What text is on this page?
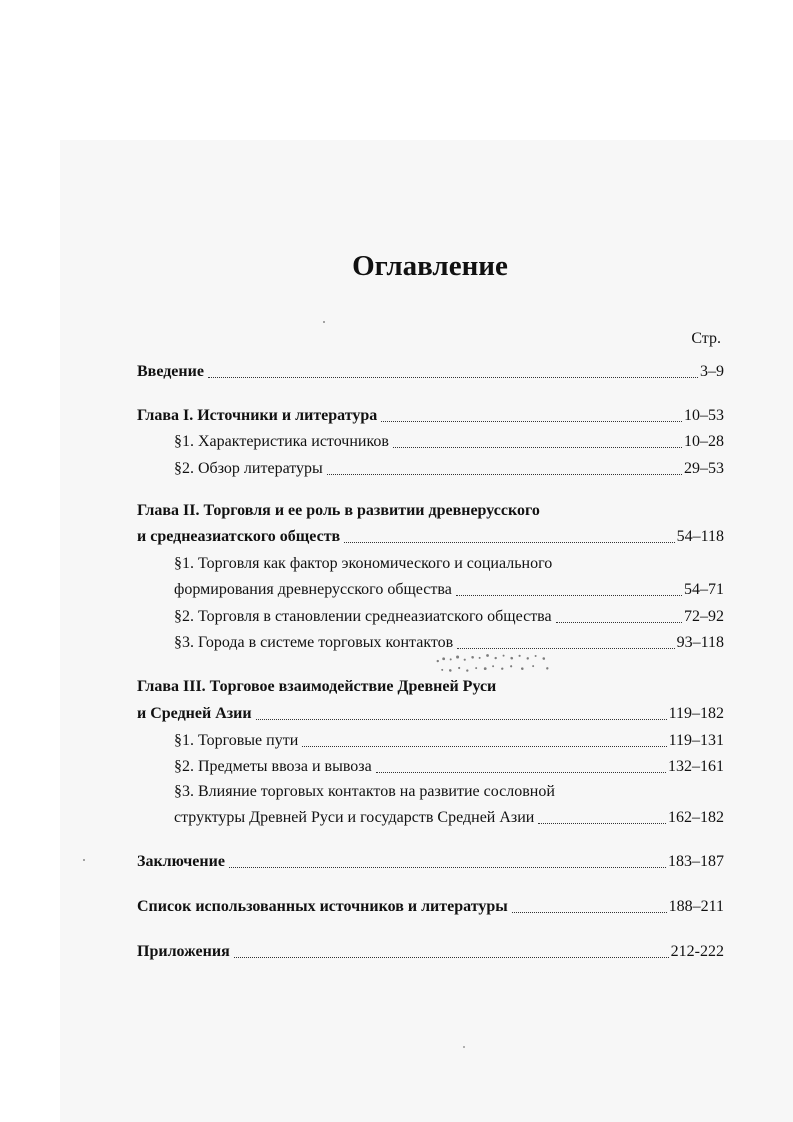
Оглавление
Стр.
Введение	3–9
Глава I. Источники и литература	10–53
§1. Характеристика источников	10–28
§2. Обзор литературы	29–53
Глава II. Торговля и ее роль в развитии древнерусского
и среднеазиатского обществ	54–118
§1. Торговля как фактор экономического и социального
формирования древнерусского общества	54–71
§2. Торговля в становлении среднеазиатского общества	72–92
§3. Города в системе торговых контактов	93–118
Глава III. Торговое взаимодействие Древней Руси
и Средней Азии	119–182
§1. Торговые пути	119–131
§2. Предметы ввоза и вывоза	132–161
§3. Влияние торговых контактов на развитие сословной
структуры Древней Руси и государств Средней Азии	162–182
Заключение	183–187
Список использованных источников и литературы	188–211
Приложения	212-222
